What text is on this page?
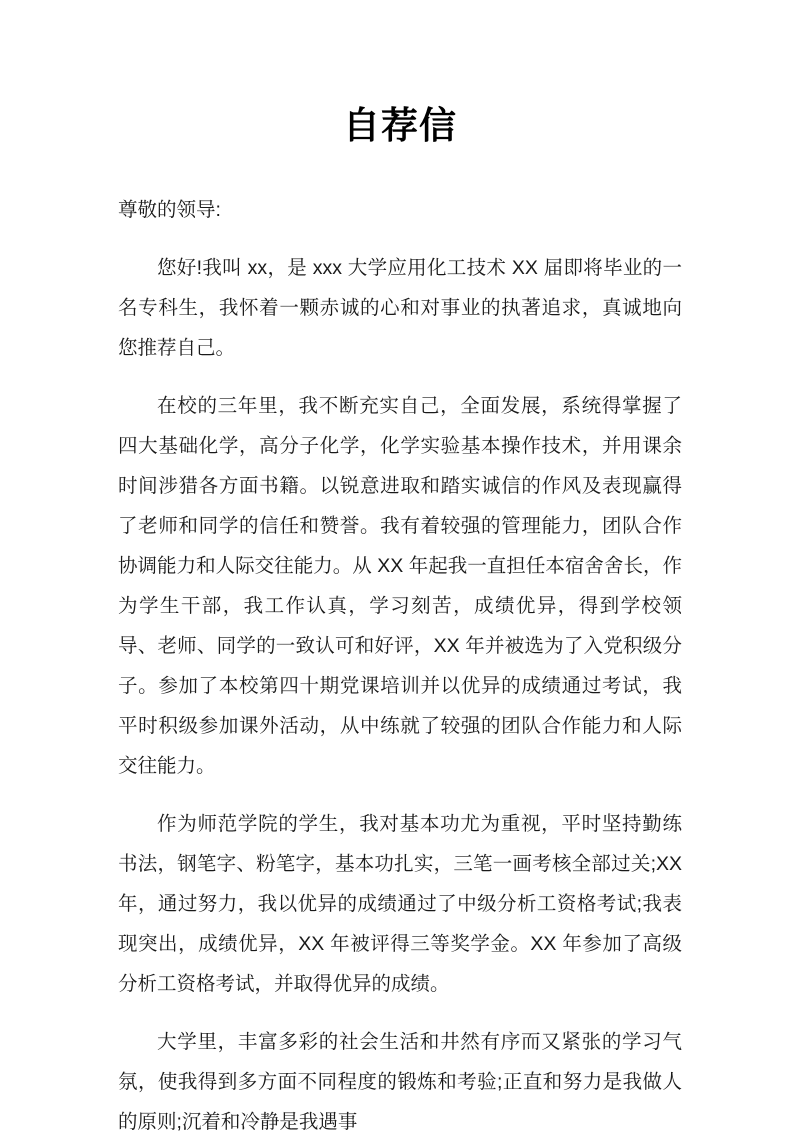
自荐信

尊敬的领导:

您好!我叫 xx，是 xxx 大学应用化工技术 XX 届即将毕业的一名专科生，我怀着一颗赤诚的心和对事业的执著追求，真诚地向您推荐自己。

在校的三年里，我不断充实自己，全面发展，系统得掌握了四大基础化学，高分子化学，化学实验基本操作技术，并用课余时间涉猎各方面书籍。以锐意进取和踏实诚信的作风及表现赢得了老师和同学的信任和赞誉。我有着较强的管理能力，团队合作协调能力和人际交往能力。从 XX 年起我一直担任本宿舍舍长，作为学生干部，我工作认真，学习刻苦，成绩优异，得到学校领导、老师、同学的一致认可和好评，XX 年并被选为了入党积级分子。参加了本校第四十期党课培训并以优异的成绩通过考试，我平时积级参加课外活动，从中练就了较强的团队合作能力和人际交往能力。

作为师范学院的学生，我对基本功尤为重视，平时坚持勤练书法，钢笔字、粉笔字，基本功扎实，三笔一画考核全部过关;XX 年，通过努力，我以优异的成绩通过了中级分析工资格考试;我表现突出，成绩优异，XX 年被评得三等奖学金。XX 年参加了高级分析工资格考试，并取得优异的成绩。

大学里，丰富多彩的社会生活和井然有序而又紧张的学习气氛，使我得到多方面不同程度的锻炼和考验;正直和努力是我做人的原则;沉着和冷静是我遇事
